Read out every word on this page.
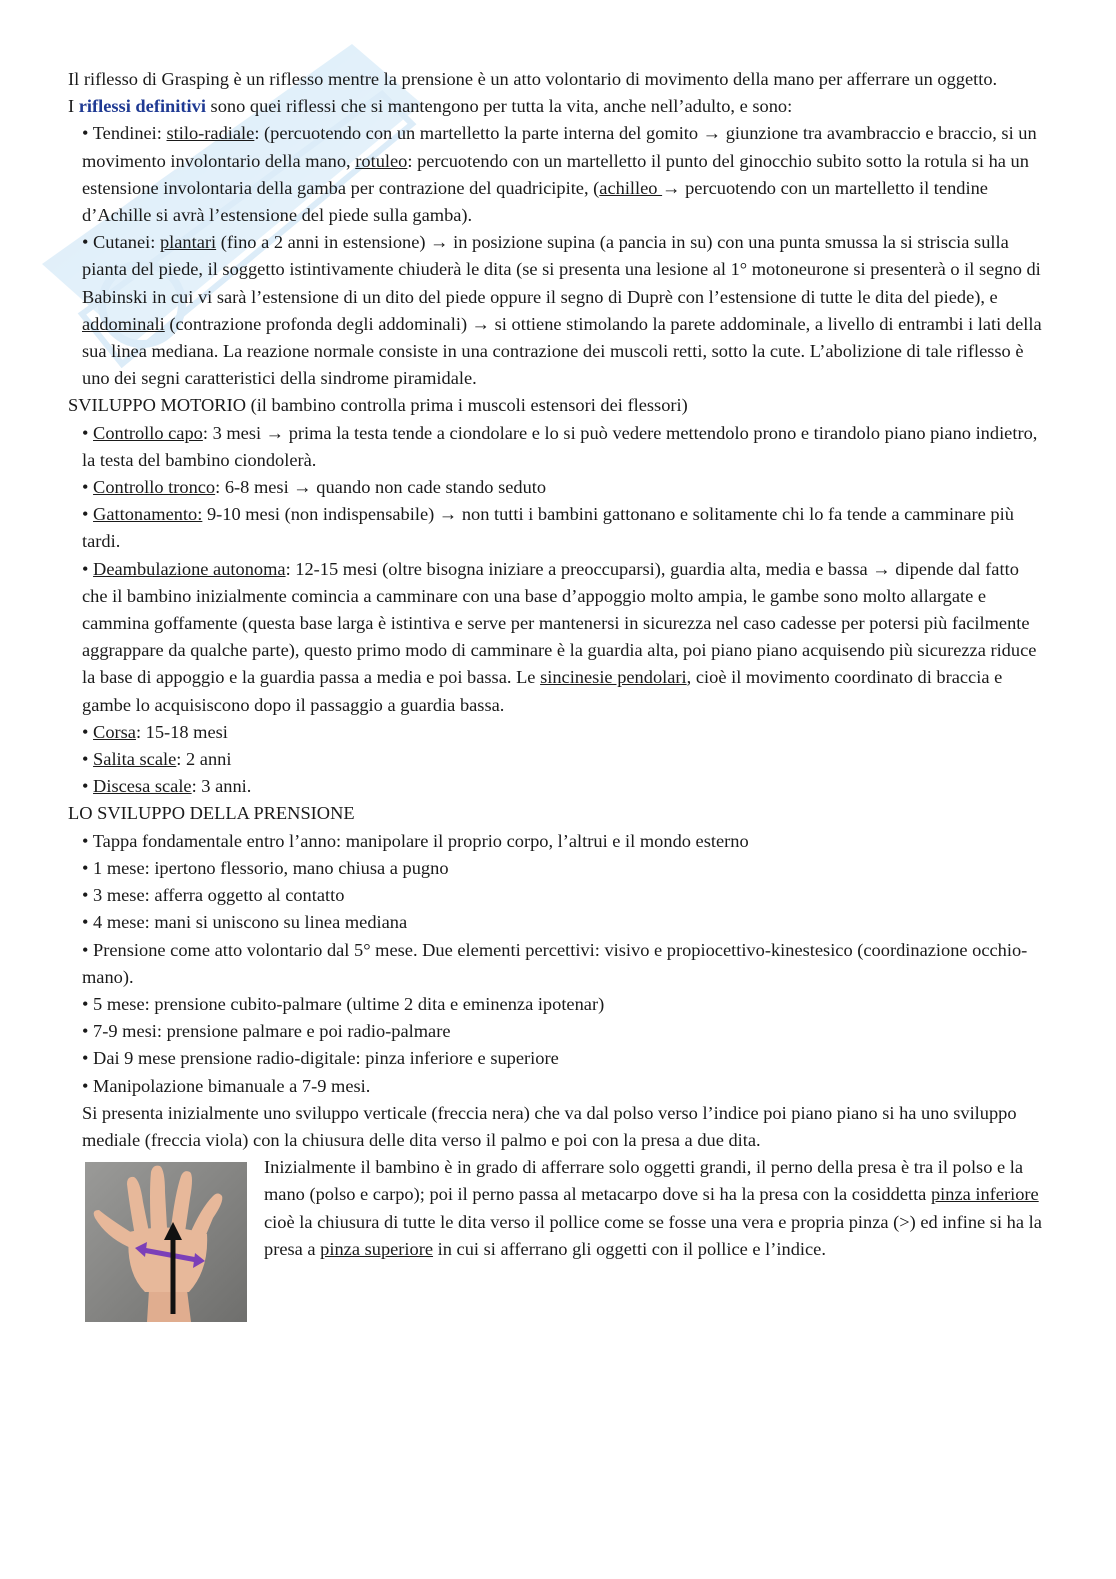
Il riflesso di Grasping è un riflesso mentre la prensione è un atto volontario di movimento della mano per afferrare un oggetto.

I riflessi definitivi sono quei riflessi che si mantengono per tutta la vita, anche nell’adulto, e sono:

• Tendinei: stilo-radiale: (percuotendo con un martelletto la parte interna del gomito → giunzione tra avambraccio e braccio, si un movimento involontario della mano, rotuleo: percuotendo con un martelletto il punto del ginocchio subito sotto la rotula si ha un estensione involontaria della gamba per contrazione del quadricipite, (achilleo → percuotendo con un martelletto il tendine d’Achille si avrà l’estensione del piede sulla gamba).

• Cutanei: plantari (fino a 2 anni in estensione) → in posizione supina (a pancia in su) con una punta smussa la si striscia sulla pianta del piede, il soggetto istintivamente chiuderà le dita (se si presenta una lesione al 1° motoneurone si presenterà o il segno di Babinski in cui vi sarà l’estensione di un dito del piede oppure il segno di Duprè con l’estensione di tutte le dita del piede), e addominali (contrazione profonda degli addominali) → si ottiene stimolando la parete addominale, a livello di entrambi i lati della sua linea mediana. La reazione normale consiste in una contrazione dei muscoli retti, sotto la cute. L’abolizione di tale riflesso è uno dei segni caratteristici della sindrome piramidale.

SVILUPPO MOTORIO (il bambino controlla prima i muscoli estensori dei flessori)

• Controllo capo: 3 mesi → prima la testa tende a ciondolare e lo si può vedere mettendolo prono e tirandolo piano piano indietro, la testa del bambino ciondolerà.

• Controllo tronco: 6-8 mesi → quando non cade stando seduto

• Gattonamento: 9-10 mesi (non indispensabile) → non tutti i bambini gattonano e solitamente chi lo fa tende a camminare più tardi.

• Deambulazione autonoma: 12-15 mesi (oltre bisogna iniziare a preoccuparsi), guardia alta, media e bassa → dipende dal fatto che il bambino inizialmente comincia a camminare con una base d’appoggio molto ampia, le gambe sono molto allargate e cammina goffamente (questa base larga è istintiva e serve per mantenersi in sicurezza nel caso cadesse per potersi più facilmente aggrappare da qualche parte), questo primo modo di camminare è la guardia alta, poi piano piano acquisendo più sicurezza riduce la base di appoggio e la guardia passa a media e poi bassa. Le sincinesie pendolari, cioè il movimento coordinato di braccia e gambe lo acquisiscono dopo il passaggio a guardia bassa.

• Corsa: 15-18 mesi

• Salita scale: 2 anni

• Discesa scale: 3 anni.

LO SVILUPPO DELLA PRENSIONE

• Tappa fondamentale entro l’anno: manipolare il proprio corpo, l’altrui e il mondo esterno

• 1 mese: ipertono flessorio, mano chiusa a pugno

• 3 mese: afferra oggetto al contatto

• 4 mese: mani si uniscono su linea mediana

• Prensione come atto volontario dal 5° mese. Due elementi percettivi: visivo e propiocettivo-kinestesico (coordinazione occhio-mano).

• 5 mese: prensione cubito-palmare (ultime 2 dita e eminenza ipotenar)

• 7-9 mesi: prensione palmare e poi radio-palmare

• Dai 9 mese prensione radio-digitale: pinza inferiore e superiore

• Manipolazione bimanuale a 7-9 mesi.

Si presenta inizialmente uno sviluppo verticale (freccia nera) che va dal polso verso l’indice poi piano piano si ha uno sviluppo mediale (freccia viola) con la chiusura delle dita verso il palmo e poi con la presa a due dita.

Inizialmente il bambino è in grado di afferrare solo oggetti grandi, il perno della presa è tra il polso e la mano (polso e carpo); poi il perno passa al metacarpo dove si ha la presa con la cosiddetta pinza inferiore cioè la chiusura di tutte le dita verso il pollice come se fosse una vera e propria pinza (>) ed infine si ha la presa a pinza superiore in cui si afferrano gli oggetti con il pollice e l’indice.
